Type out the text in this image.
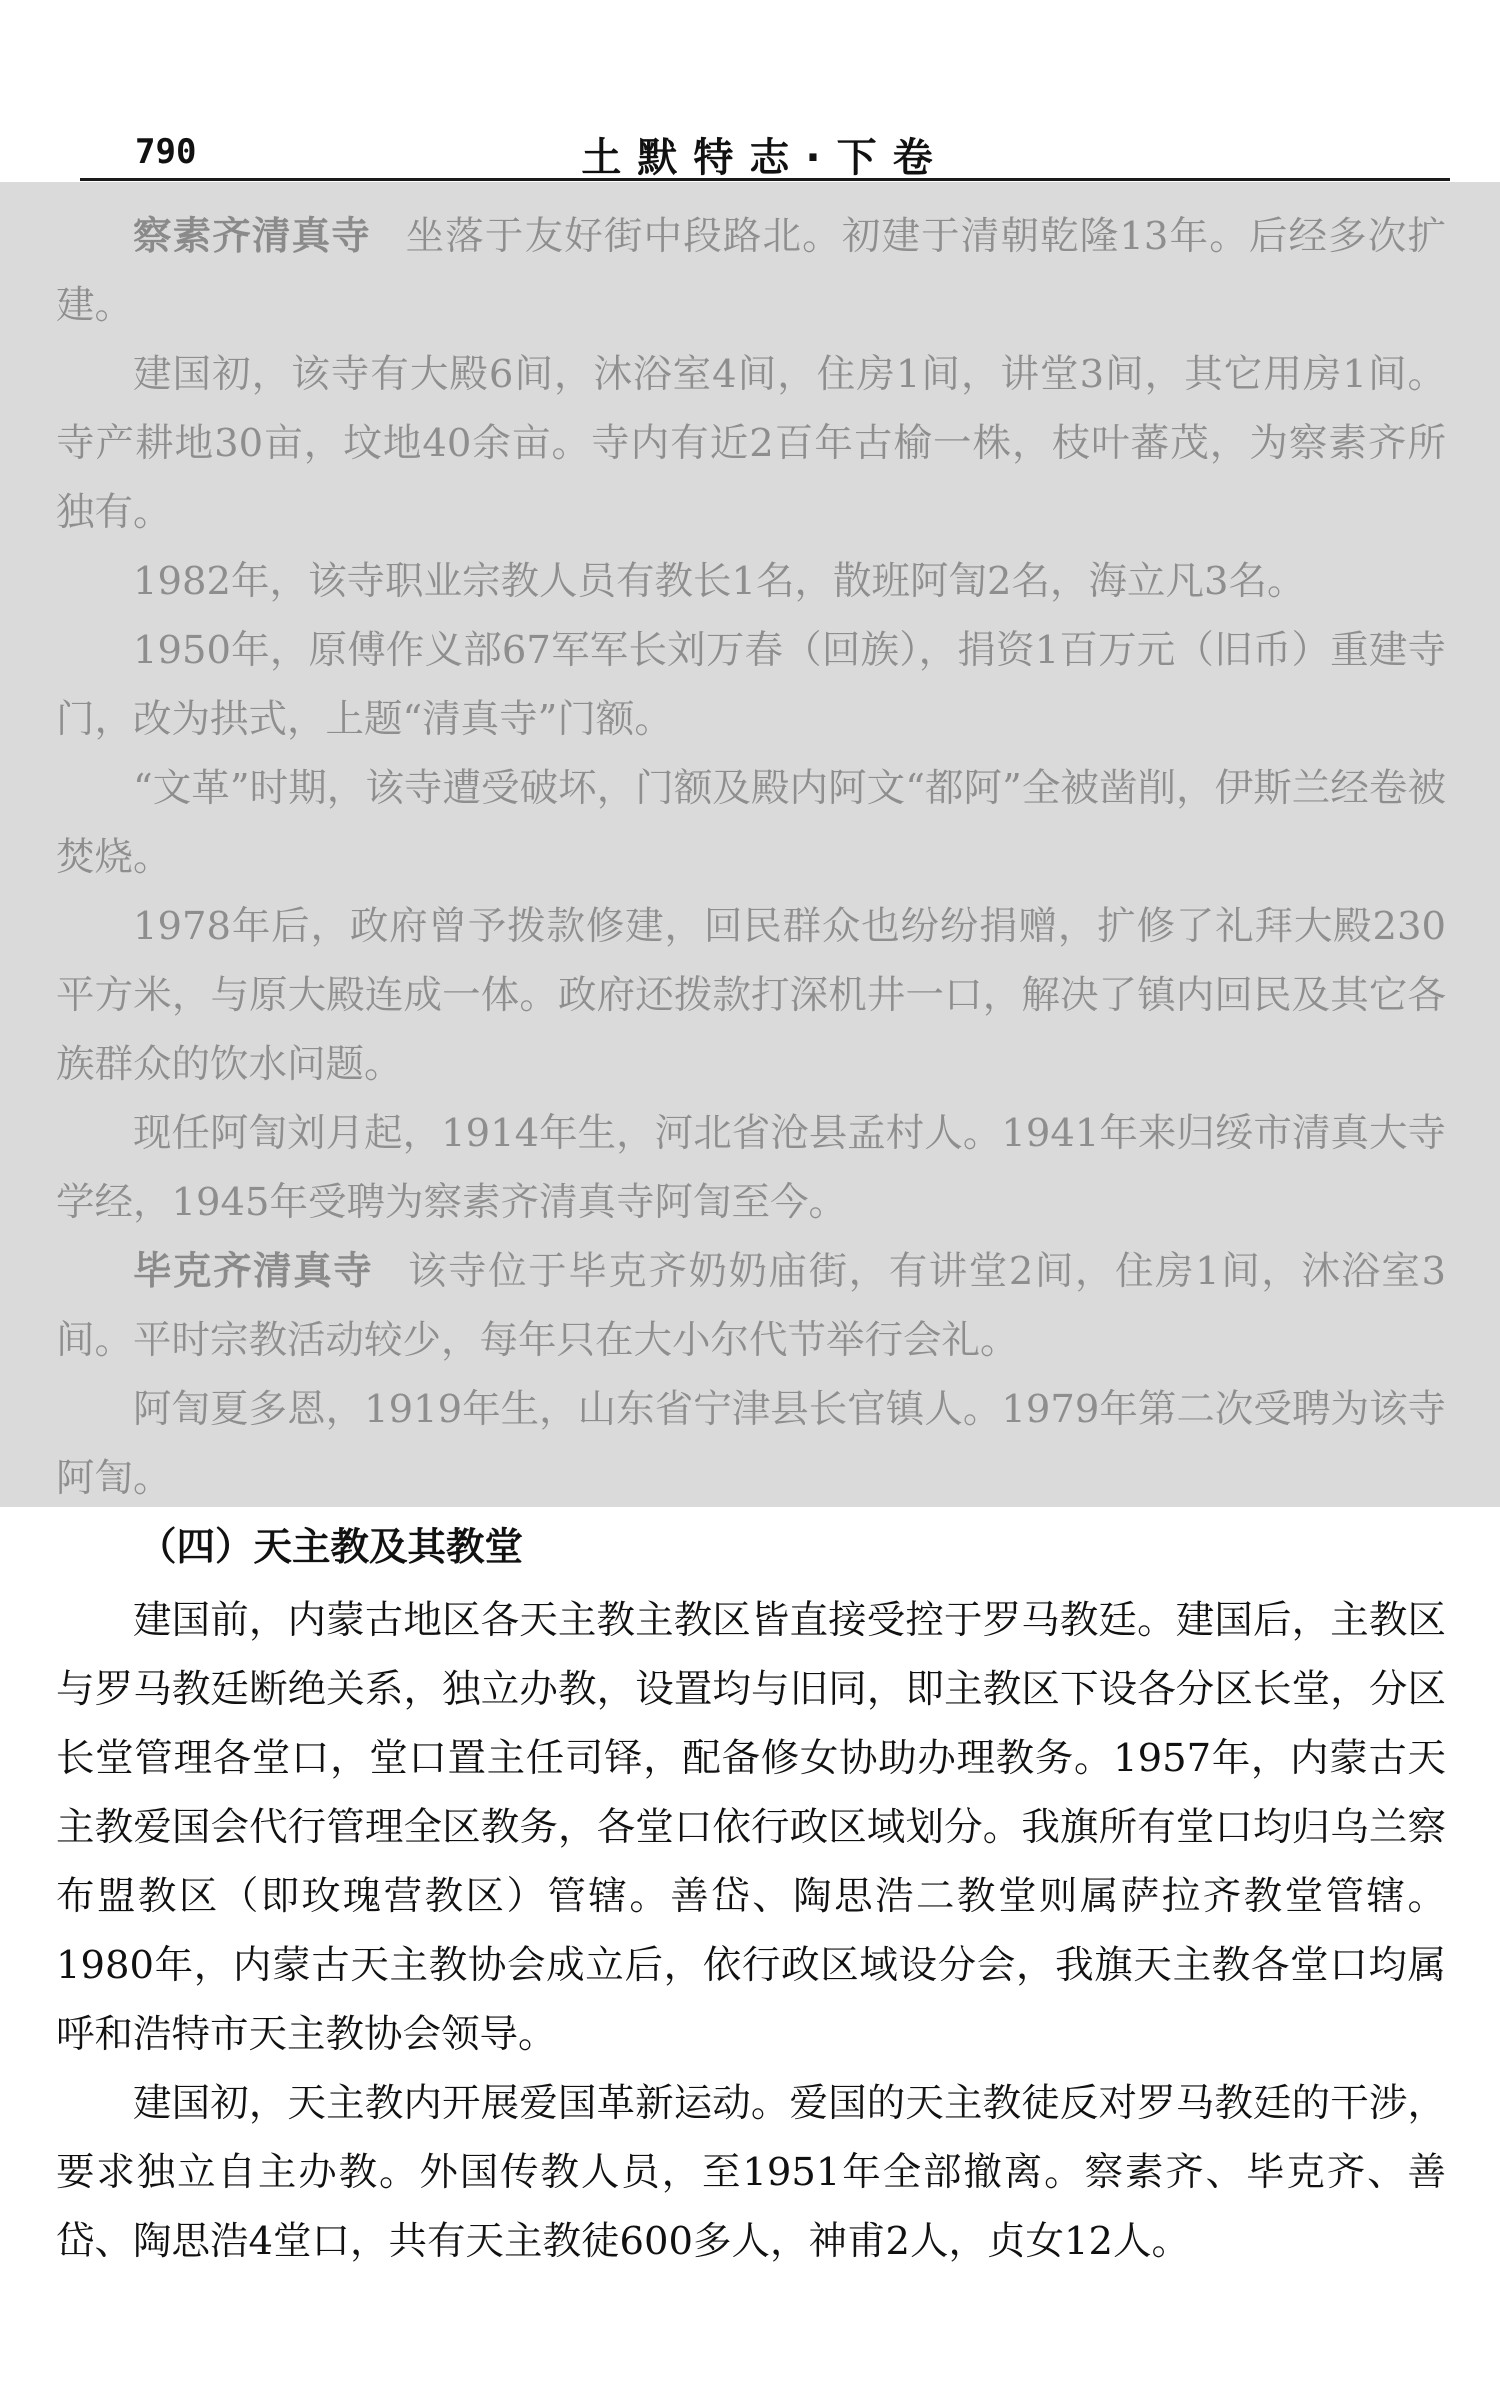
790	土默特志·下卷

察素齐清真寺 坐落于友好街中段路北。初建于清朝乾隆13年。后经多次扩建。

建国初，该寺有大殿6间，沐浴室4间，住房1间，讲堂3间，其它用房1间。寺产耕地30亩，坟地40余亩。寺内有近2百年古榆一株，枝叶蕃茂，为察素齐所独有。

1982年，该寺职业宗教人员有教长1名，散班阿訇2名，海立凡3名。

1950年，原傅作义部67军军长刘万春（回族），捐资1百万元（旧币）重建寺门，改为拱式，上题“清真寺”门额。

“文革”时期，该寺遭受破坏，门额及殿内阿文“都阿”全被凿削，伊斯兰经卷被焚烧。

1978年后，政府曾予拨款修建，回民群众也纷纷捐赠，扩修了礼拜大殿230平方米，与原大殿连成一体。政府还拨款打深机井一口，解决了镇内回民及其它各族群众的饮水问题。

现任阿訇刘月起，1914年生，河北省沧县孟村人。1941年来归绥市清真大寺学经，1945年受聘为察素齐清真寺阿訇至今。

毕克齐清真寺 该寺位于毕克齐奶奶庙街，有讲堂2间，住房1间，沐浴室3间。平时宗教活动较少，每年只在大小尔代节举行会礼。

阿訇夏多恩，1919年生，山东省宁津县长官镇人。1979年第二次受聘为该寺阿訇。

（四）天主教及其教堂

建国前，内蒙古地区各天主教主教区皆直接受控于罗马教廷。建国后，主教区与罗马教廷断绝关系，独立办教，设置均与旧同，即主教区下设各分区长堂，分区长堂管理各堂口，堂口置主任司铎，配备修女协助办理教务。1957年，内蒙古天主教爱国会代行管理全区教务，各堂口依行政区域划分。我旗所有堂口均归乌兰察布盟教区（即玫瑰营教区）管辖。善岱、陶思浩二教堂则属萨拉齐教堂管辖。1980年，内蒙古天主教协会成立后，依行政区域设分会，我旗天主教各堂口均属呼和浩特市天主教协会领导。

建国初，天主教内开展爱国革新运动。爱国的天主教徒反对罗马教廷的干涉，要求独立自主办教。外国传教人员，至1951年全部撤离。察素齐、毕克齐、善岱、陶思浩4堂口，共有天主教徒600多人，神甫2人，贞女12人。
